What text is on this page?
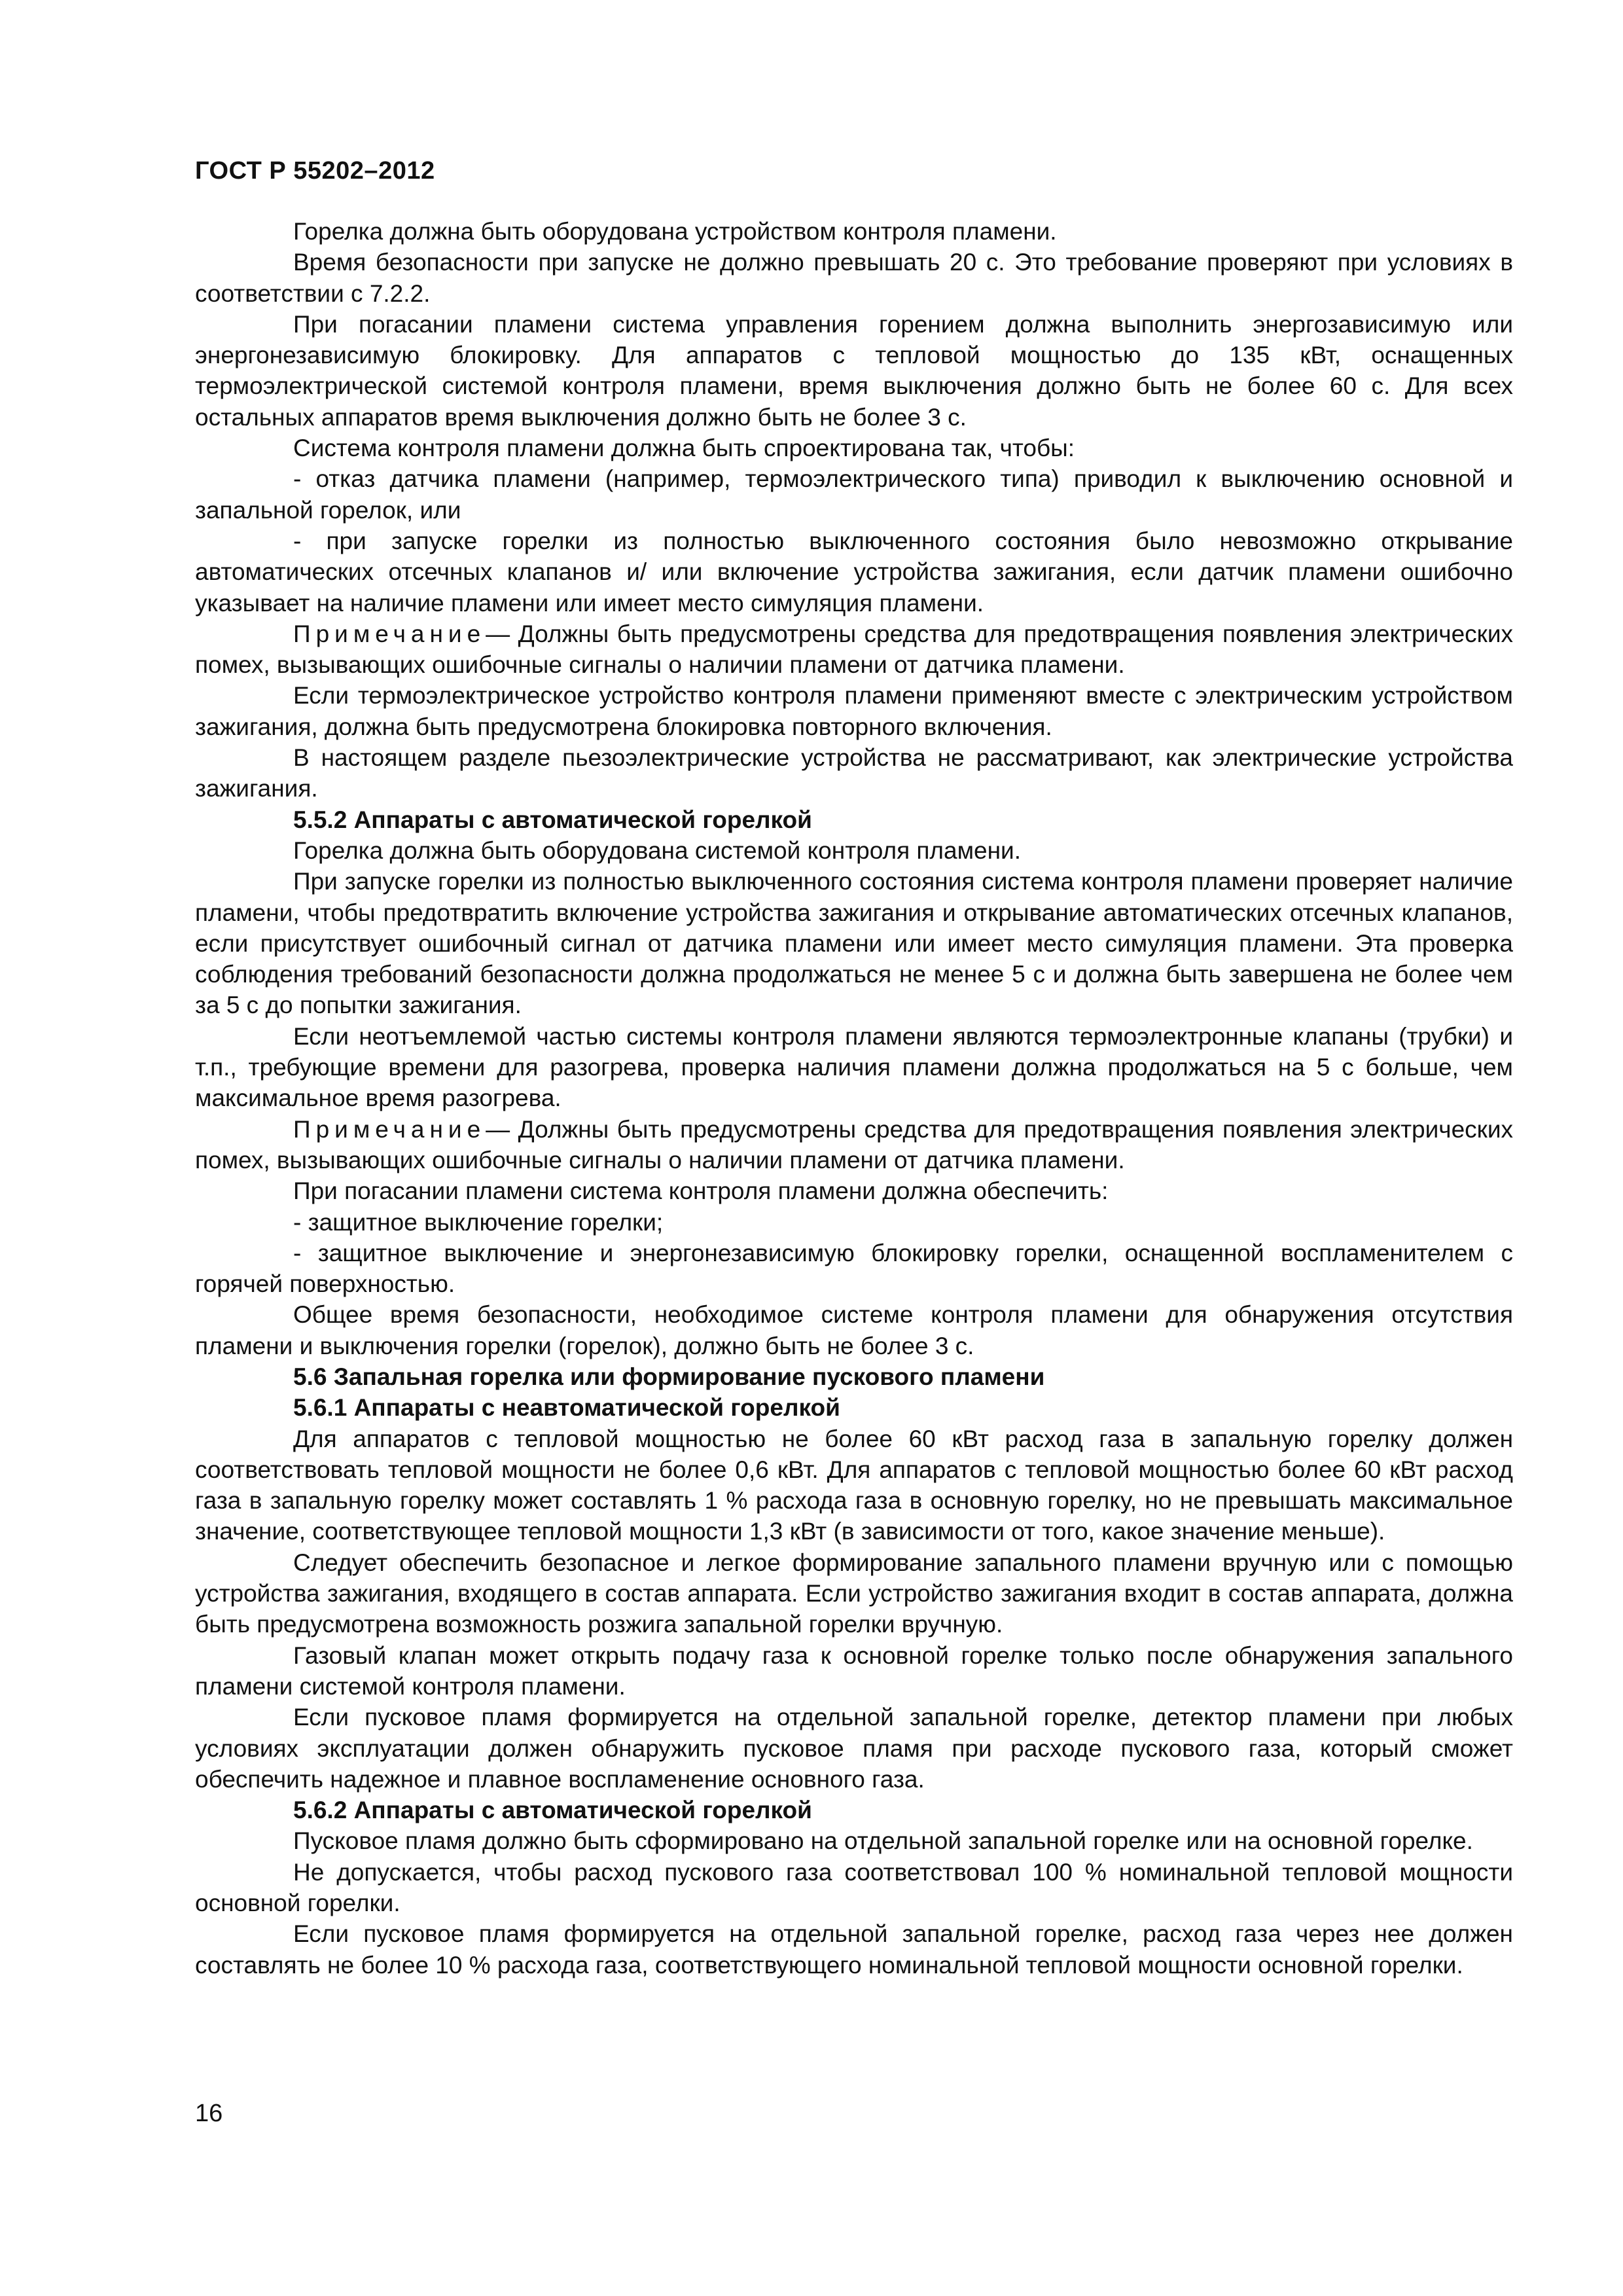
ГОСТ Р 55202–2012

Горелка должна быть оборудована устройством контроля пламени.

Время безопасности при запуске не должно превышать 20 с. Это требование проверяют при условиях в соответствии с 7.2.2.

При погасании пламени система управления горением должна выполнить энергозависимую или энергонезависимую блокировку. Для аппаратов с тепловой мощностью до 135 кВт, оснащенных термоэлектрической системой контроля пламени, время выключения должно быть не более 60 с. Для всех остальных аппаратов время выключения должно быть не более 3 с.

Система контроля пламени должна быть спроектирована так, чтобы:

- отказ датчика пламени (например, термоэлектрического типа) приводил к выключению основной и запальной горелок, или

- при запуске горелки из полностью выключенного состояния было невозможно открывание автоматических отсечных клапанов и/ или включение устройства зажигания, если датчик пламени ошибочно указывает на наличие пламени или имеет место симуляция пламени.

Примечание— Должны быть предусмотрены средства для предотвращения появления электрических помех, вызывающих ошибочные сигналы о наличии пламени от датчика пламени.

Если термоэлектрическое устройство контроля пламени применяют вместе с электрическим устройством зажигания, должна быть предусмотрена блокировка повторного включения.

В настоящем разделе пьезоэлектрические устройства не рассматривают, как электрические устройства зажигания.

5.5.2 Аппараты с автоматической горелкой

Горелка должна быть оборудована системой контроля пламени.

При запуске горелки из полностью выключенного состояния система контроля пламени проверяет наличие пламени, чтобы предотвратить включение устройства зажигания и открывание автоматических отсечных клапанов, если присутствует ошибочный сигнал от датчика пламени или имеет место симуляция пламени. Эта проверка соблюдения требований безопасности должна продолжаться не менее 5 с и должна быть завершена не более чем за 5 с до попытки зажигания.

Если неотъемлемой частью системы контроля пламени являются термоэлектронные клапаны (трубки) и т.п., требующие времени для разогрева, проверка наличия пламени должна продолжаться на 5 с больше, чем максимальное время разогрева.

Примечание— Должны быть предусмотрены средства для предотвращения появления электрических помех, вызывающих ошибочные сигналы о наличии пламени от датчика пламени.

При погасании пламени система контроля пламени должна обеспечить:

- защитное выключение горелки;

- защитное выключение и энергонезависимую блокировку горелки, оснащенной воспламенителем с горячей поверхностью.

Общее время безопасности, необходимое системе контроля пламени для обнаружения отсутствия пламени и выключения горелки (горелок), должно быть не более 3 с.

5.6 Запальная горелка или формирование пускового пламени

5.6.1 Аппараты с неавтоматической горелкой

Для аппаратов с тепловой мощностью не более 60 кВт расход газа в запальную горелку должен соответствовать тепловой мощности не более 0,6 кВт. Для аппаратов с тепловой мощностью более 60 кВт расход газа в запальную горелку может составлять 1 % расхода газа в основную горелку, но не превышать максимальное значение, соответствующее тепловой мощности 1,3 кВт (в зависимости от того, какое значение меньше).

Следует обеспечить безопасное и легкое формирование запального пламени вручную или с помощью устройства зажигания, входящего в состав аппарата. Если устройство зажигания входит в состав аппарата, должна быть предусмотрена возможность розжига запальной горелки вручную.

Газовый клапан может открыть подачу газа к основной горелке только после обнаружения запального пламени системой контроля пламени.

Если пусковое пламя формируется на отдельной запальной горелке, детектор пламени при любых условиях эксплуатации должен обнаружить пусковое пламя при расходе пускового газа, который сможет обеспечить надежное и плавное воспламенение основного газа.

5.6.2 Аппараты с автоматической горелкой

Пусковое пламя должно быть сформировано на отдельной запальной горелке или на основной горелке.

Не допускается, чтобы расход пускового газа соответствовал 100 % номинальной тепловой мощности основной горелки.

Если пусковое пламя формируется на отдельной запальной горелке, расход газа через нее должен составлять не более 10 % расхода газа, соответствующего номинальной тепловой мощности основной горелки.

16
